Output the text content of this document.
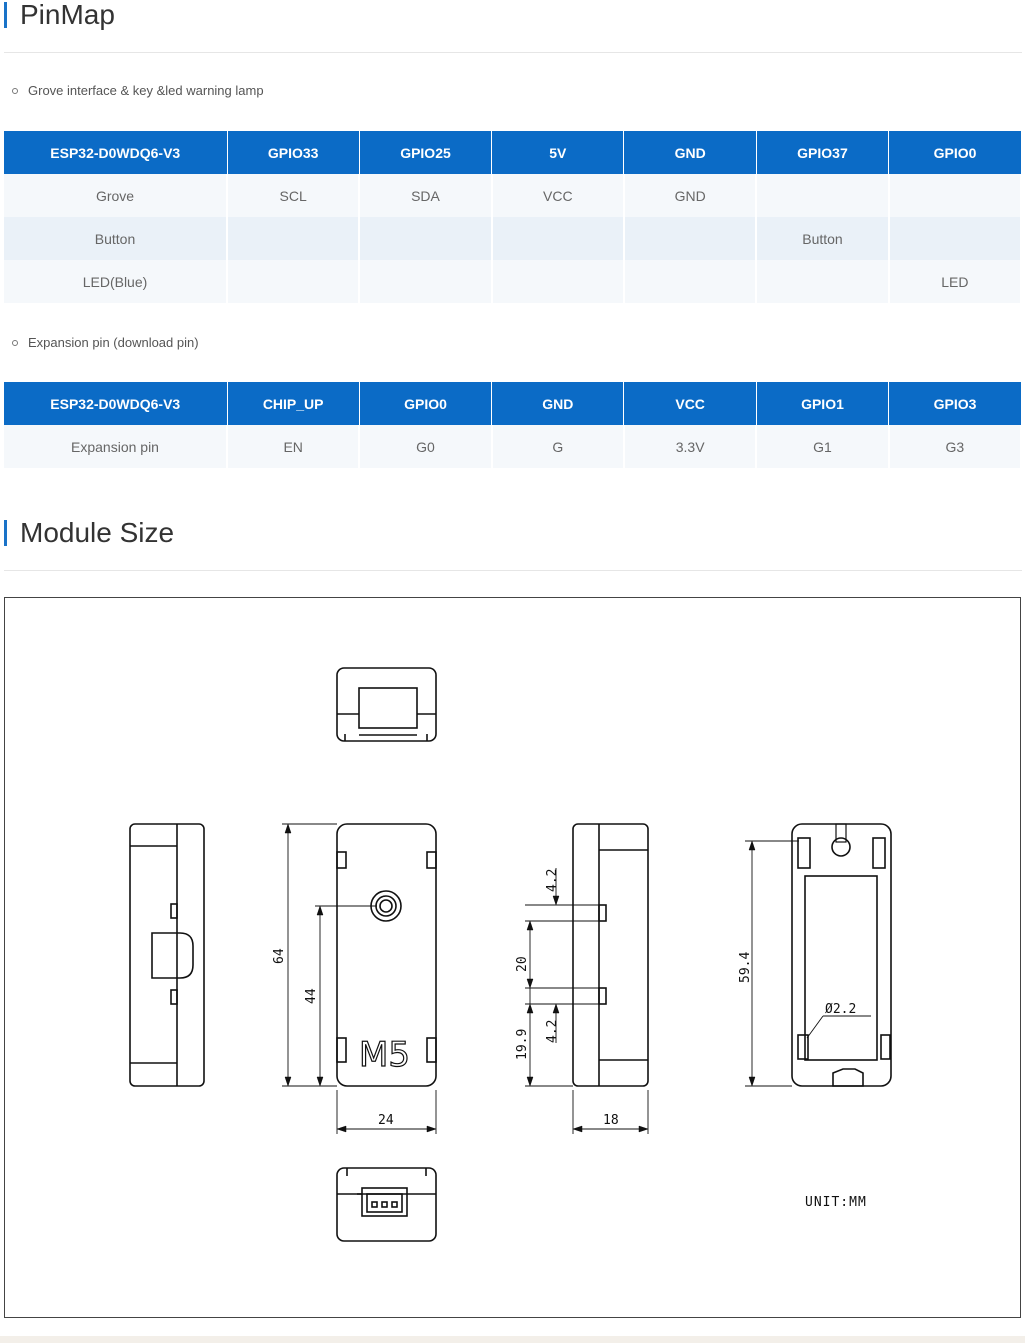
PinMap
Grove interface & key &led warning lamp
ESP32-D0WDQ6-V3	GPIO33	GPIO25	5V	GND	GPIO37	GPIO0
Grove	SCL	SDA	VCC	GND		
Button					Button	
LED(Blue)						LED
Expansion pin (download pin)
ESP32-D0WDQ6-V3	CHIP_UP	GPIO0	GND	VCC	GPIO1	GPIO3
Expansion pin	EN	G0	G	3.3V	G1	G3
Module Size
M5
64
44
24
4.2
20
19.9 4.2
18
59.4
Ø2.2
UNIT:MM
